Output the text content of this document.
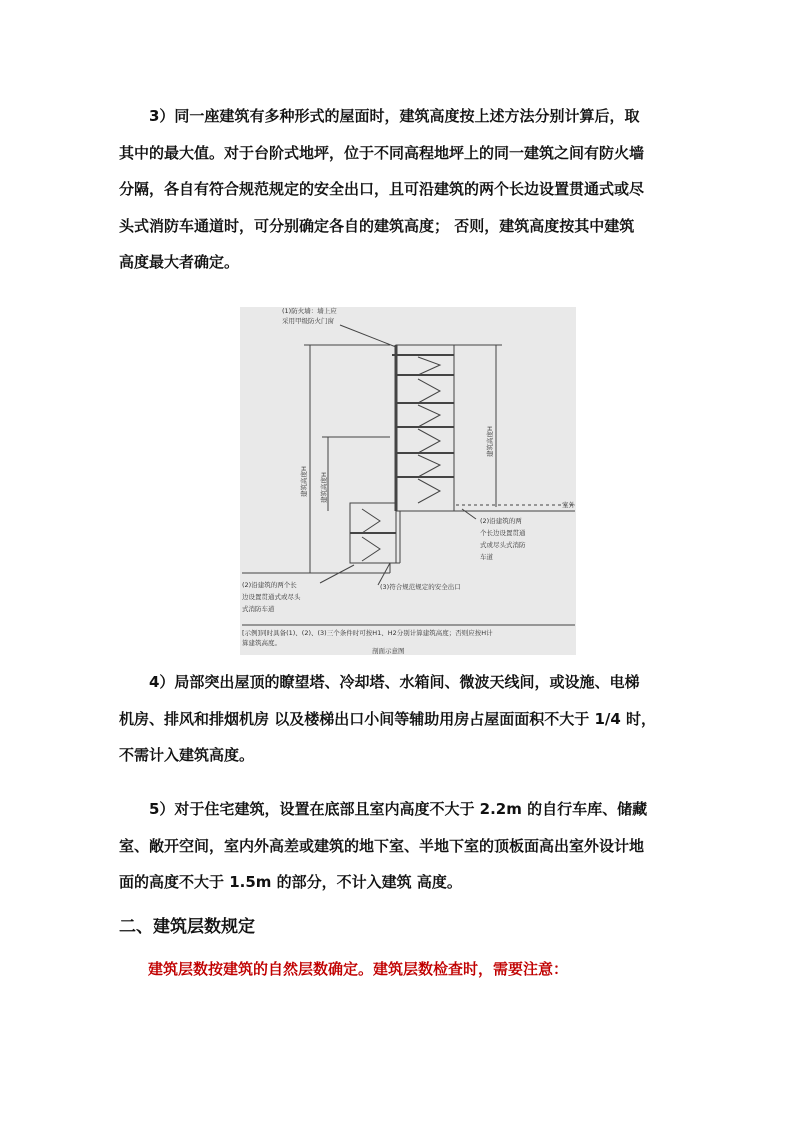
3）同一座建筑有多种形式的屋面时，建筑高度按上述方法分别计算后，取
其中的最大值。对于台阶式地坪，位于不同高程地坪上的同一建筑之间有防火墙
分隔，各自有符合规范规定的安全出口，且可沿建筑的两个长边设置贯通式或尽
头式消防车通道时，可分别确定各自的建筑高度； 否则，建筑高度按其中建筑
高度最大者确定。
(1)防火墙：墙上应
采用甲级防火门窗
(2)沿建筑的两个长
边设置贯通式或尽头
式消防车道
(3)符合规范规定的安全出口
(2)沿建筑的两
个长边设置贯通
式或尽头式消防
车道
建筑高度H 建筑高度H
建筑高度H
室外
[示例]同时具备(1)、(2)、(3)三个条件时可按H1、H2分别计算建筑高度；否则应按H计
算建筑高度。
剖面示意图
4）局部突出屋顶的瞭望塔、冷却塔、水箱间、微波天线间，或设施、电梯
机房、排风和排烟机房 以及楼梯出口小间等辅助用房占屋面面积不大于 1/4 时，
不需计入建筑高度。
5）对于住宅建筑，设置在底部且室内高度不大于 2.2m 的自行车库、储藏
室、敞开空间，室内外高差或建筑的地下室、半地下室的顶板面高出室外设计地
面的高度不大于 1.5m 的部分，不计入建筑 高度。
二、建筑层数规定

建筑层数按建筑的自然层数确定。建筑层数检查时，需要注意：
